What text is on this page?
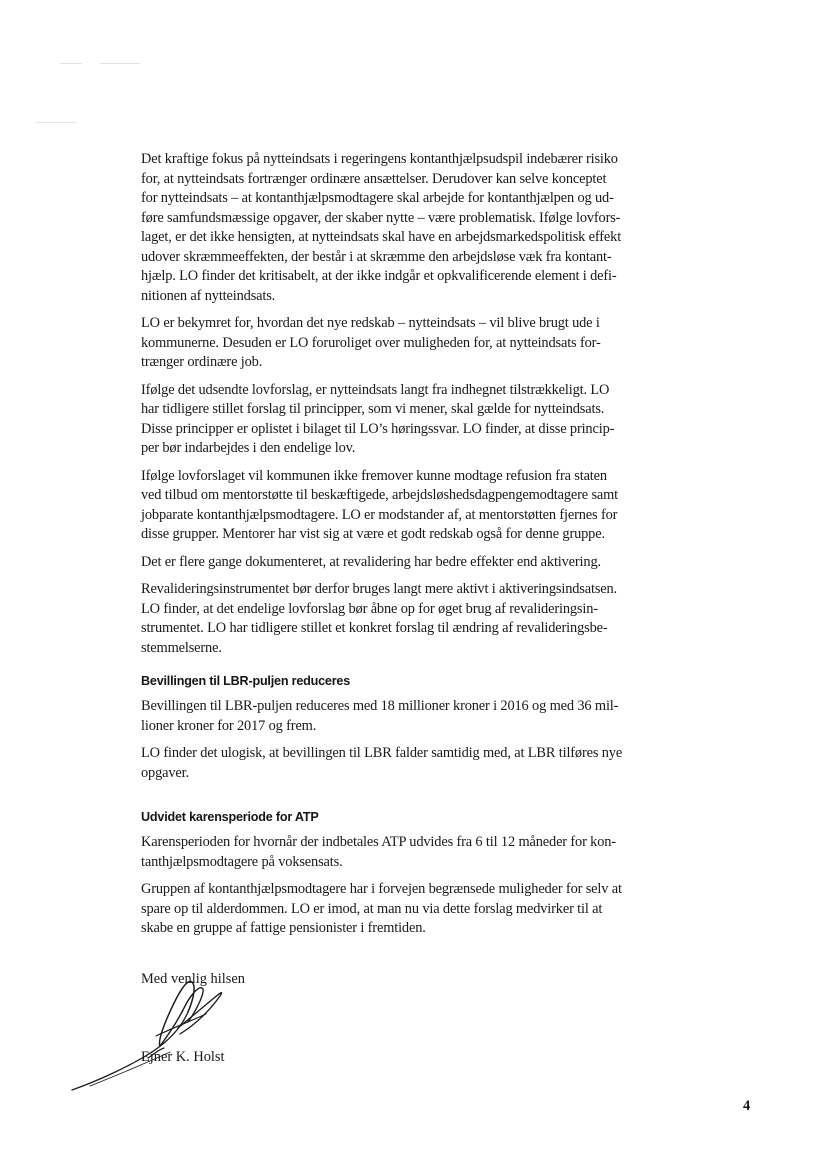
Det kraftige fokus på nytteindsats i regeringens kontanthjælpsudspil indebærer risiko
for, at nytteindsats fortrænger ordinære ansættelser. Derudover kan selve konceptet
for nytteindsats – at kontanthjælpsmodtagere skal arbejde for kontanthjælpen og ud-
føre samfundsmæssige opgaver, der skaber nytte – være problematisk. Ifølge lovfors-
laget, er det ikke hensigten, at nytteindsats skal have en arbejdsmarkedspolitisk effekt
udover skræmmeeffekten, der består i at skræmme den arbejdsløse væk fra kontant-
hjælp. LO finder det kritisabelt, at der ikke indgår et opkvalificerende element i defi-
nitionen af nytteindsats.

LO er bekymret for, hvordan det nye redskab – nytteindsats – vil blive brugt ude i
kommunerne. Desuden er LO foruroliget over muligheden for, at nytteindsats for-
trænger ordinære job.

Ifølge det udsendte lovforslag, er nytteindsats langt fra indhegnet tilstrækkeligt. LO
har tidligere stillet forslag til principper, som vi mener, skal gælde for nytteindsats.
Disse principper er oplistet i bilaget til LO’s høringssvar. LO finder, at disse princip-
per bør indarbejdes i den endelige lov.

Ifølge lovforslaget vil kommunen ikke fremover kunne modtage refusion fra staten
ved tilbud om mentorstøtte til beskæftigede, arbejdsløshedsdagpengemodtagere samt
jobparate kontanthjælpsmodtagere. LO er modstander af, at mentorstøtten fjernes for
disse grupper. Mentorer har vist sig at være et godt redskab også for denne gruppe.

Det er flere gange dokumenteret, at revalidering har bedre effekter end aktivering.

Revalideringsinstrumentet bør derfor bruges langt mere aktivt i aktiveringsindsatsen.
LO finder, at det endelige lovforslag bør åbne op for øget brug af revalideringsin-
strumentet. LO har tidligere stillet et konkret forslag til ændring af revalideringsbe-
stemmelserne.

Bevillingen til LBR-puljen reduceres

Bevillingen til LBR-puljen reduceres med 18 millioner kroner i 2016 og med 36 mil-
lioner kroner for 2017 og frem.

LO finder det ulogisk, at bevillingen til LBR falder samtidig med, at LBR tilføres nye
opgaver.

Udvidet karensperiode for ATP

Karensperioden for hvornår der indbetales ATP udvides fra 6 til 12 måneder for kon-
tanthjælpsmodtagere på voksensats.

Gruppen af kontanthjælpsmodtagere har i forvejen begrænsede muligheder for selv at
spare op til alderdommen. LO er imod, at man nu via dette forslag medvirker til at
skabe en gruppe af fattige pensionister i fremtiden.

Med venlig hilsen

Ejner K. Holst

4
